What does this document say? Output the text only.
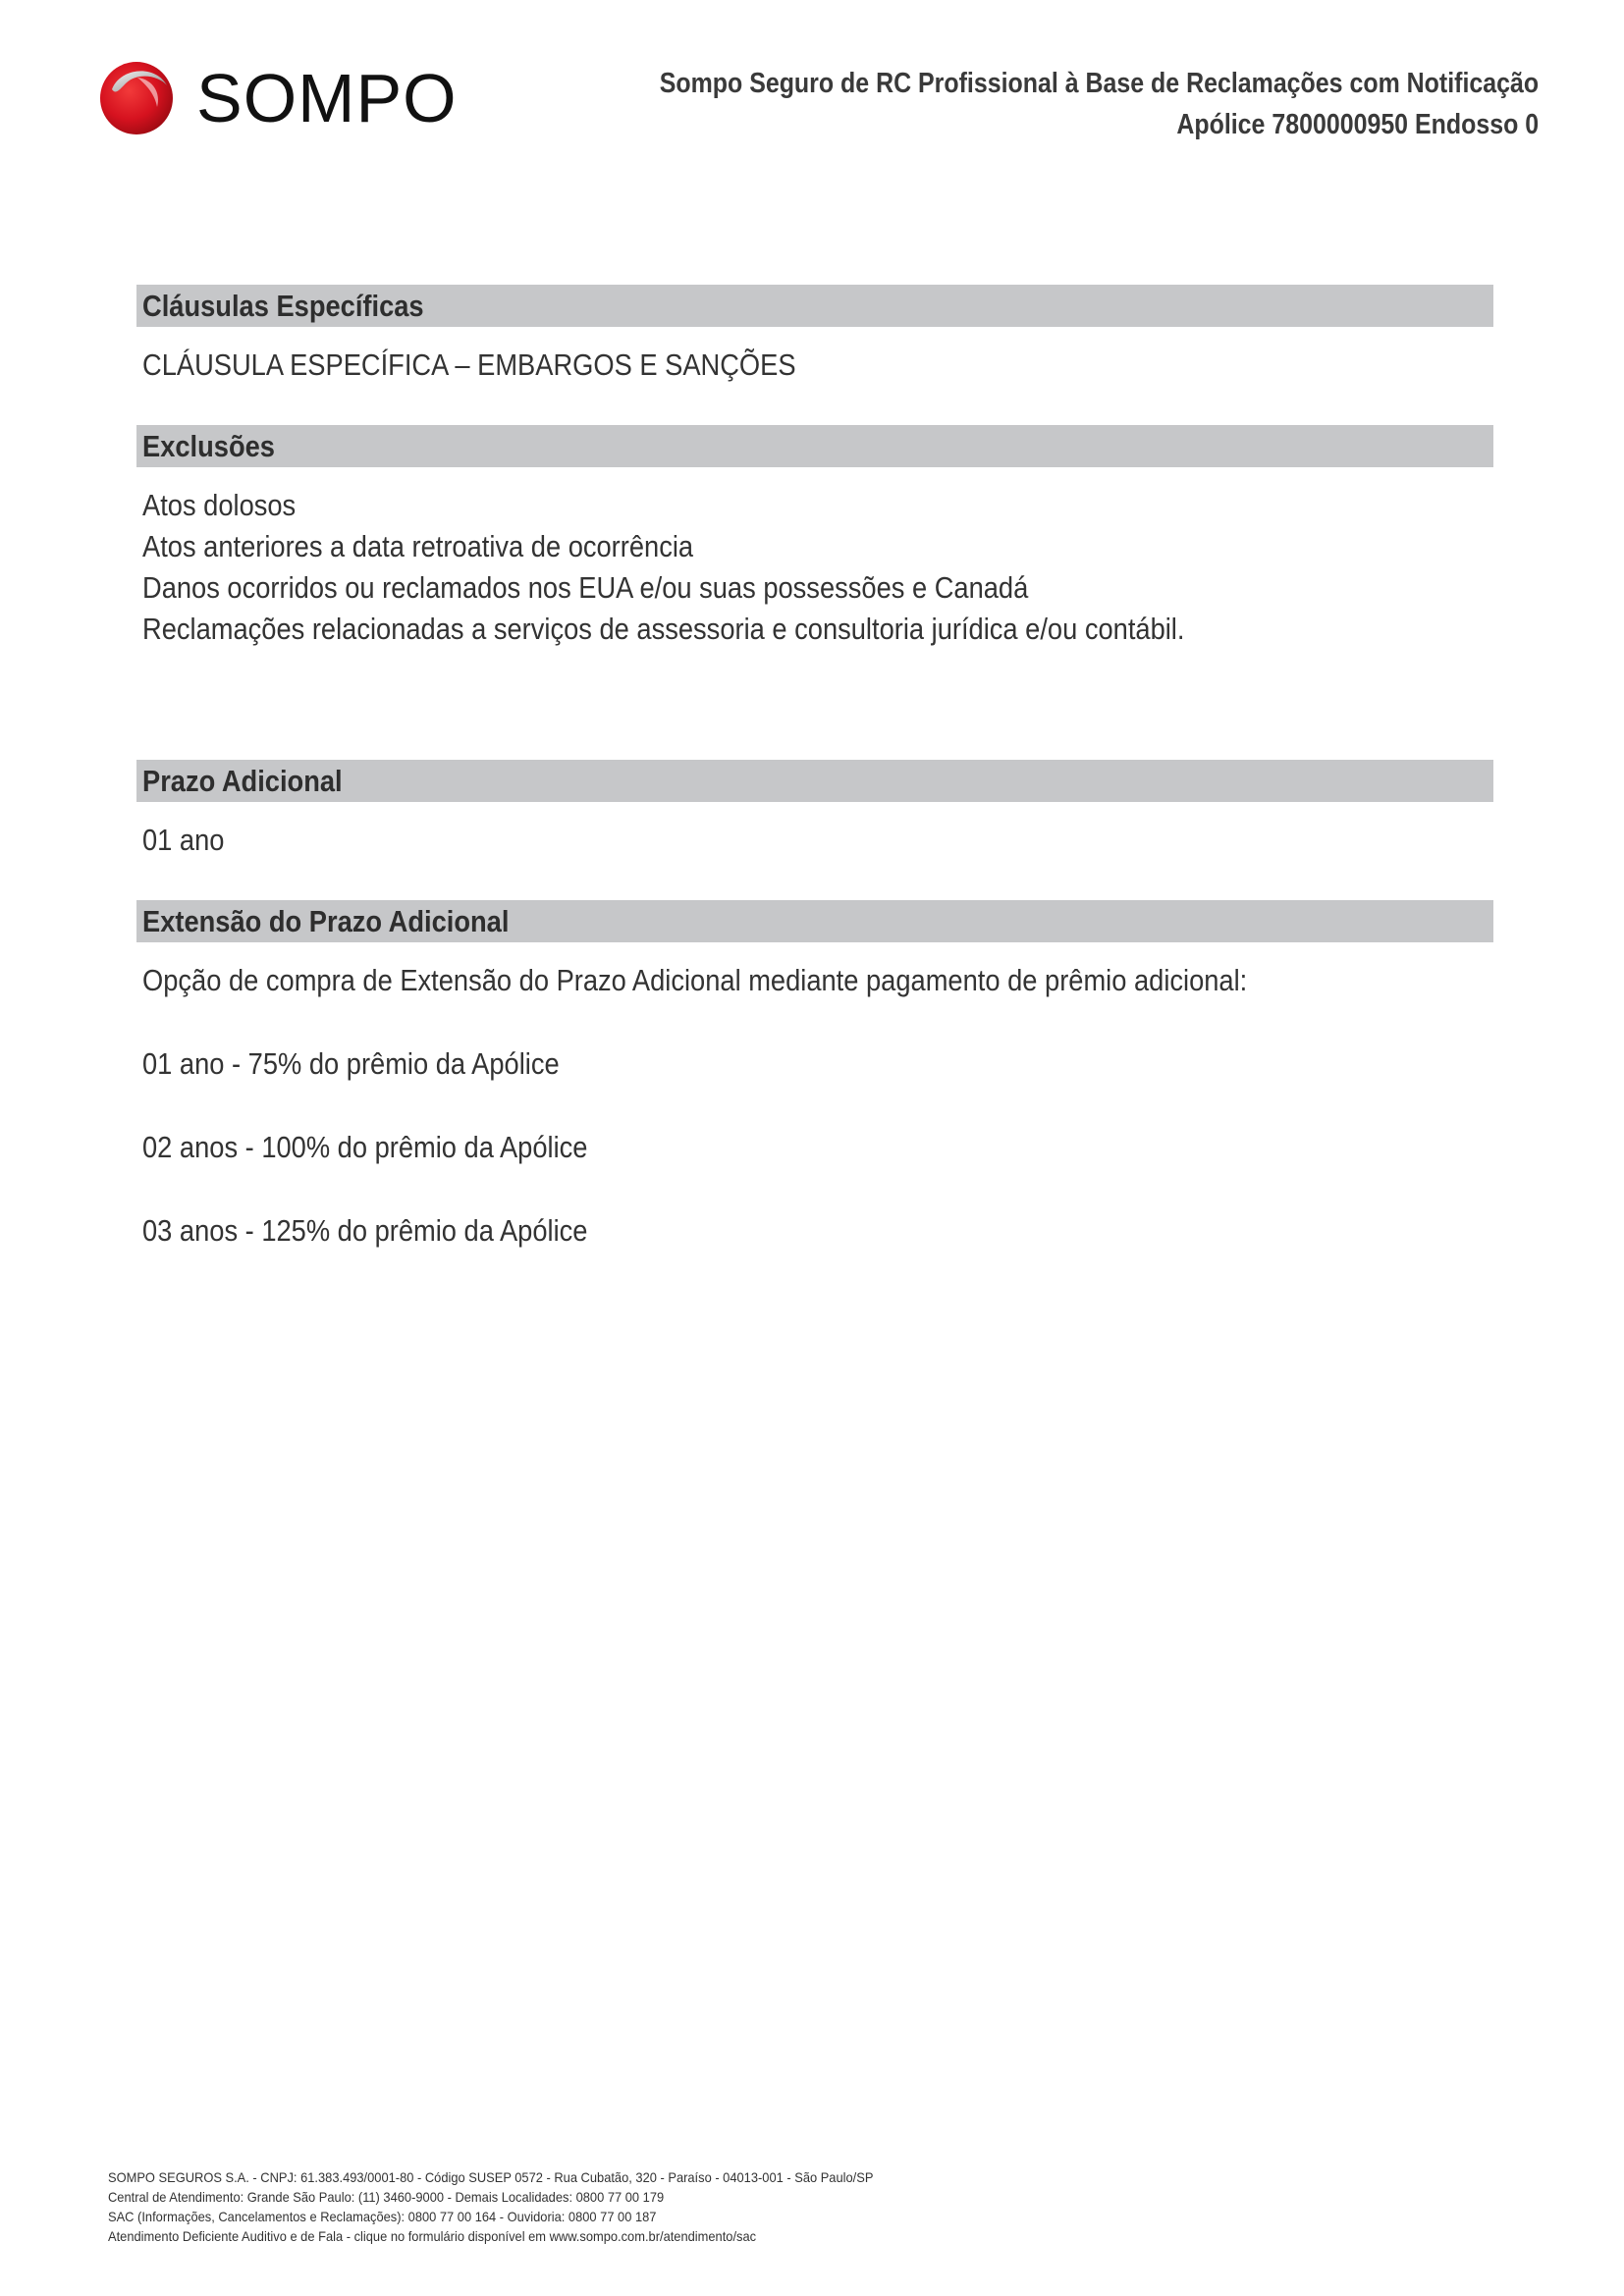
SOMPO	Sompo Seguro de RC Profissional à Base de Reclamações com Notificação
Apólice 7800000950 Endosso 0
Cláusulas Específicas
CLÁUSULA ESPECÍFICA – EMBARGOS E SANÇÕES
Exclusões
Atos dolosos
Atos anteriores a data retroativa de ocorrência
Danos ocorridos ou reclamados nos EUA e/ou suas possessões e Canadá
Reclamações relacionadas a serviços de assessoria e consultoria jurídica e/ou contábil.
Prazo Adicional
01 ano
Extensão do Prazo Adicional
Opção de compra de Extensão do Prazo Adicional mediante pagamento de prêmio adicional:
01 ano - 75% do prêmio da Apólice
02 anos - 100% do prêmio da Apólice
03 anos - 125% do prêmio da Apólice
SOMPO SEGUROS S.A. - CNPJ: 61.383.493/0001-80 - Código SUSEP 0572 - Rua Cubatão, 320 - Paraíso - 04013-001 - São Paulo/SP
Central de Atendimento: Grande São Paulo: (11) 3460-9000 - Demais Localidades: 0800 77 00 179
SAC (Informações, Cancelamentos e Reclamações): 0800 77 00 164 - Ouvidoria: 0800 77 00 187
Atendimento Deficiente Auditivo e de Fala - clique no formulário disponível em www.sompo.com.br/atendimento/sac
